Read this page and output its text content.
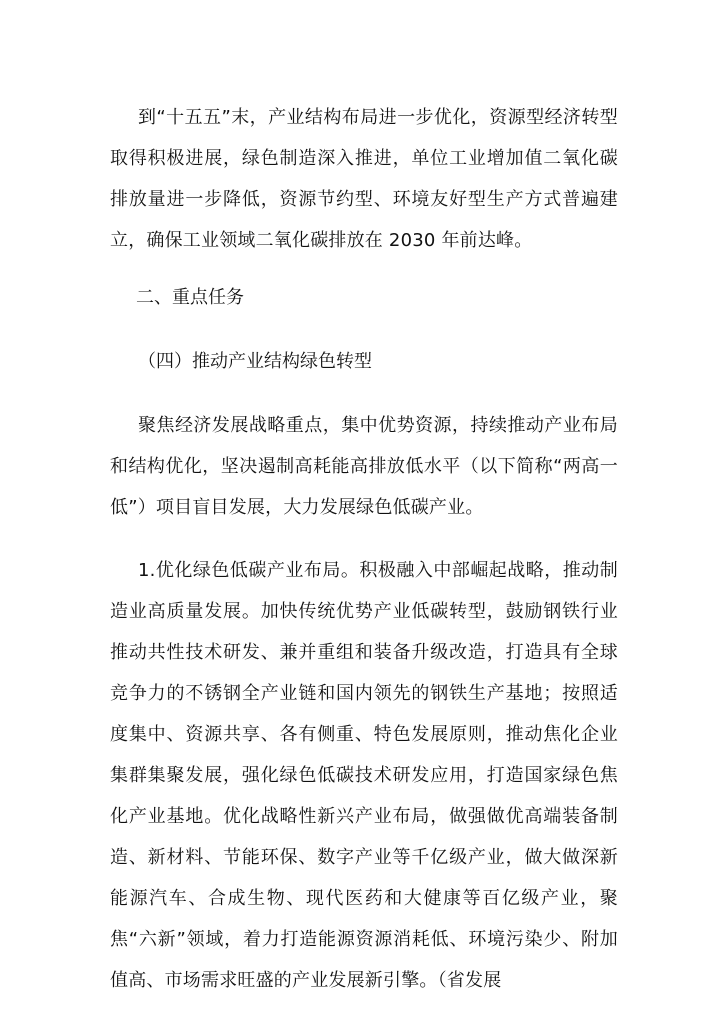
到“十五五”末，产业结构布局进一步优化，资源型经济转型取得积极进展，绿色制造深入推进，单位工业增加值二氧化碳排放量进一步降低，资源节约型、环境友好型生产方式普遍建立，确保工业领域二氧化碳排放在 2030 年前达峰。

二、重点任务

（四）推动产业结构绿色转型

聚焦经济发展战略重点，集中优势资源，持续推动产业布局和结构优化，坚决遏制高耗能高排放低水平（以下简称“两高一低”）项目盲目发展，大力发展绿色低碳产业。

1.优化绿色低碳产业布局。积极融入中部崛起战略，推动制造业高质量发展。加快传统优势产业低碳转型，鼓励钢铁行业推动共性技术研发、兼并重组和装备升级改造，打造具有全球竞争力的不锈钢全产业链和国内领先的钢铁生产基地；按照适度集中、资源共享、各有侧重、特色发展原则，推动焦化企业集群集聚发展，强化绿色低碳技术研发应用，打造国家绿色焦化产业基地。优化战略性新兴产业布局，做强做优高端装备制造、新材料、节能环保、数字产业等千亿级产业，做大做深新能源汽车、合成生物、现代医药和大健康等百亿级产业，聚焦“六新”领域，着力打造能源资源消耗低、环境污染少、附加值高、市场需求旺盛的产业发展新引擎。（省发展
